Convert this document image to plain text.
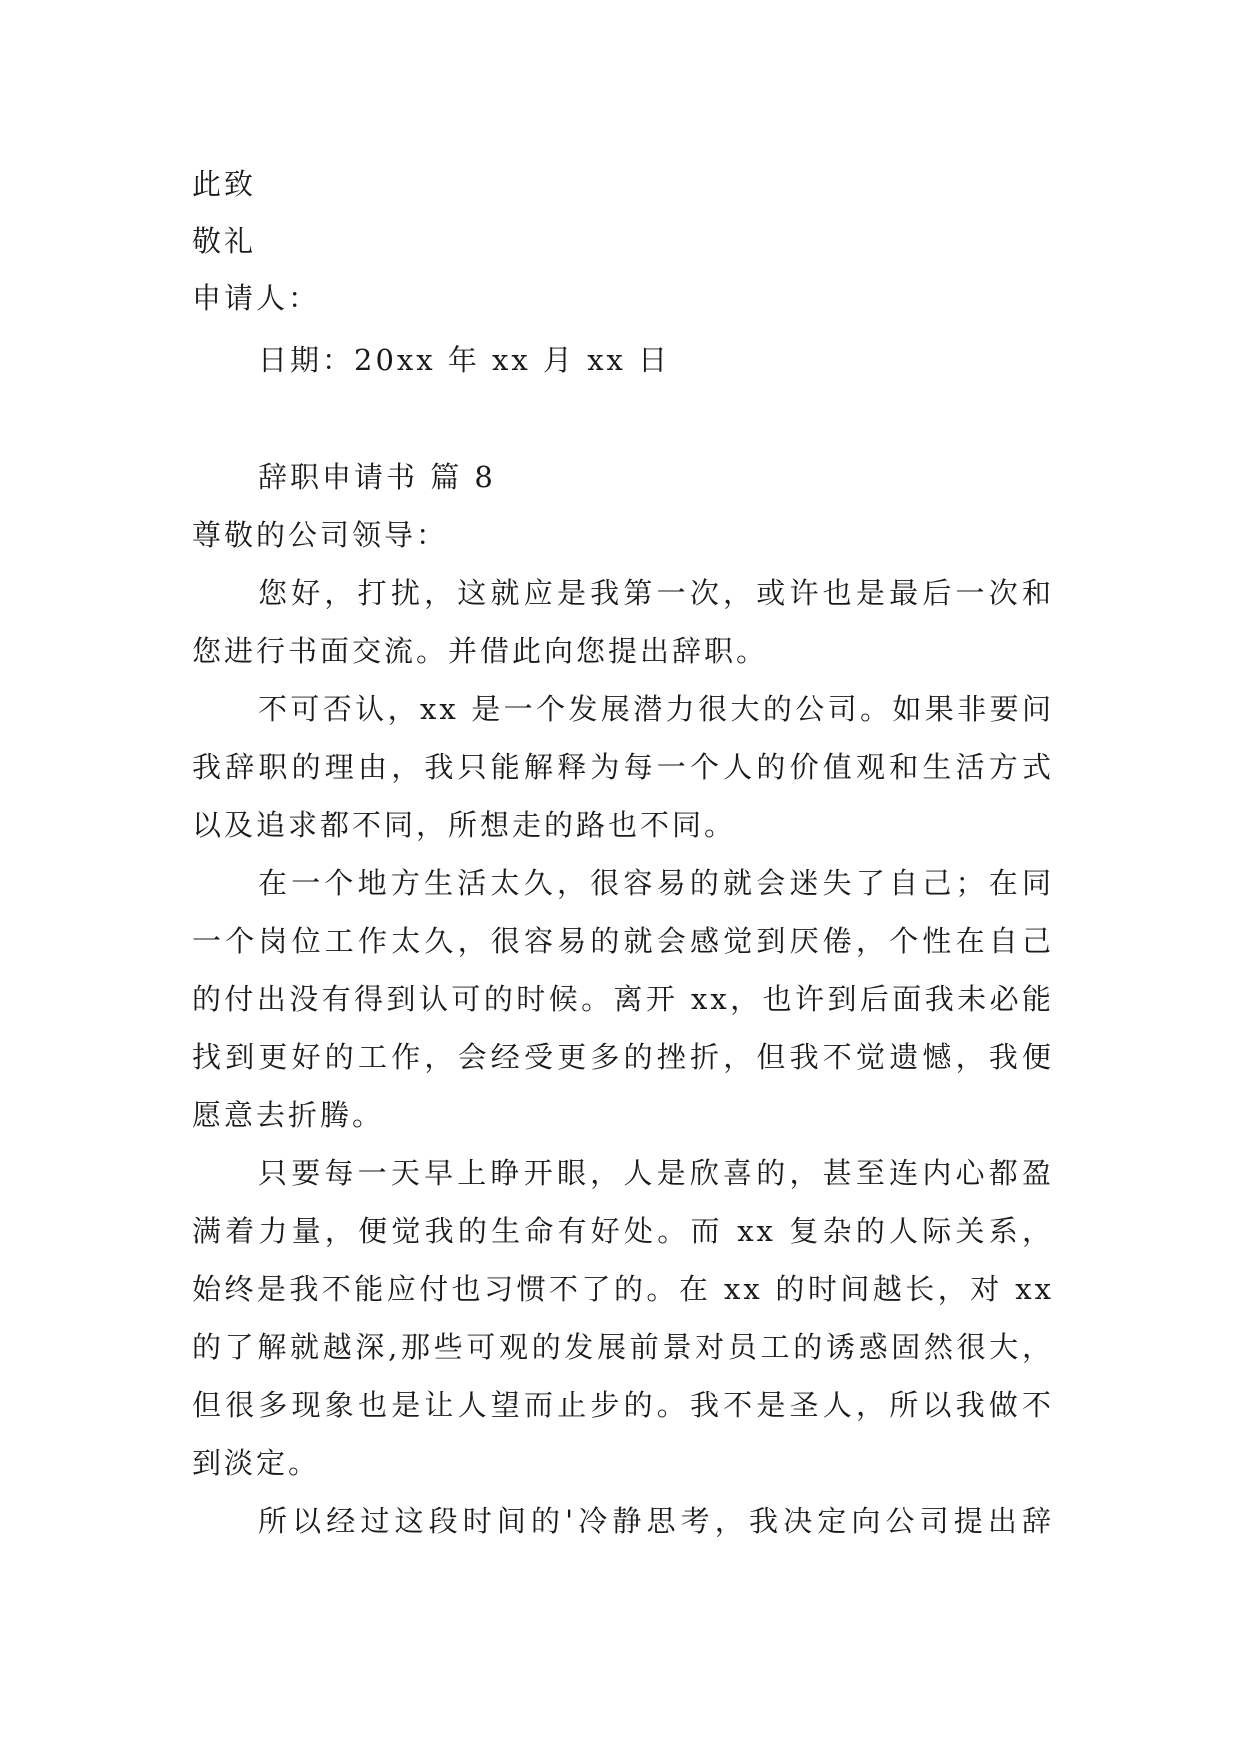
此致
敬礼
申请人：
日期：20xx 年 xx 月 xx 日
辞职申请书 篇 8
尊敬的公司领导：
您好，打扰，这就应是我第一次，或许也是最后一次和
您进行书面交流。并借此向您提出辞职。
不可否认，xx 是一个发展潜力很大的公司。如果非要问
我辞职的理由，我只能解释为每一个人的价值观和生活方式
以及追求都不同，所想走的路也不同。
在一个地方生活太久，很容易的就会迷失了自己；在同
一个岗位工作太久，很容易的就会感觉到厌倦，个性在自己
的付出没有得到认可的时候。离开 xx，也许到后面我未必能
找到更好的工作，会经受更多的挫折，但我不觉遗憾，我便
愿意去折腾。
只要每一天早上睁开眼，人是欣喜的，甚至连内心都盈
满着力量，便觉我的生命有好处。而 xx 复杂的人际关系，
始终是我不能应付也习惯不了的。在 xx 的时间越长，对 xx
的了解就越深,那些可观的发展前景对员工的诱惑固然很大，
但很多现象也是让人望而止步的。我不是圣人，所以我做不
到淡定。
所以经过这段时间的'冷静思考，我决定向公司提出辞
